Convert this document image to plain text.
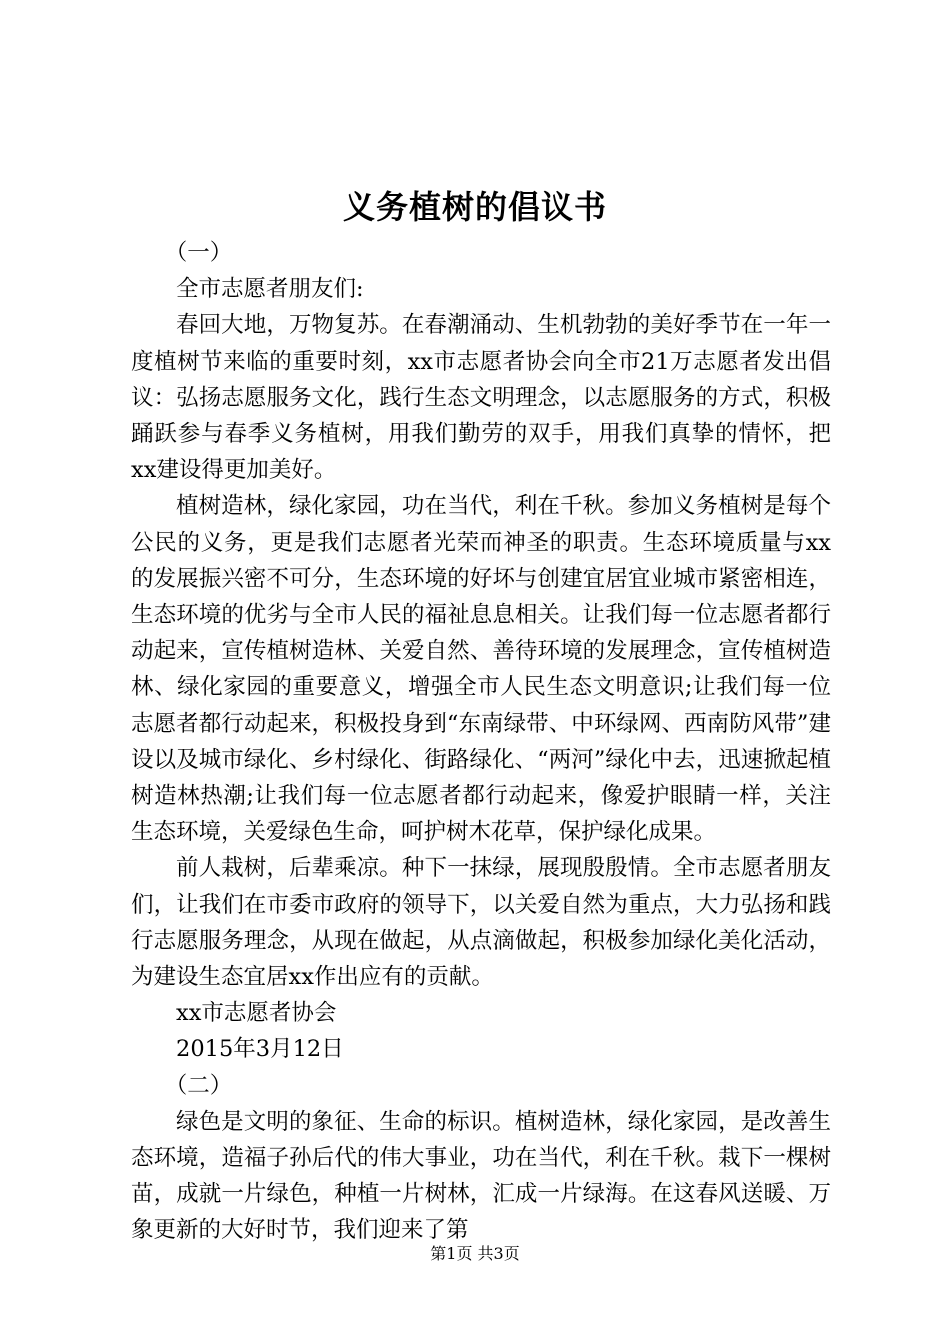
义务植树的倡议书

（一）

全市志愿者朋友们:

春回大地，万物复苏。在春潮涌动、生机勃勃的美好季节在一年一度植树节来临的重要时刻，xx市志愿者协会向全市21万志愿者发出倡议：弘扬志愿服务文化，践行生态文明理念，以志愿服务的方式，积极踊跃参与春季义务植树，用我们勤劳的双手，用我们真挚的情怀，把xx建设得更加美好。

植树造林，绿化家园，功在当代，利在千秋。参加义务植树是每个公民的义务，更是我们志愿者光荣而神圣的职责。生态环境质量与xx的发展振兴密不可分，生态环境的好坏与创建宜居宜业城市紧密相连，生态环境的优劣与全市人民的福祉息息相关。让我们每一位志愿者都行动起来，宣传植树造林、关爱自然、善待环境的发展理念，宣传植树造林、绿化家园的重要意义，增强全市人民生态文明意识;让我们每一位志愿者都行动起来，积极投身到“东南绿带、中环绿网、西南防风带”建设以及城市绿化、乡村绿化、街路绿化、“两河”绿化中去，迅速掀起植树造林热潮;让我们每一位志愿者都行动起来，像爱护眼睛一样，关注生态环境，关爱绿色生命，呵护树木花草，保护绿化成果。

前人栽树，后辈乘凉。种下一抹绿，展现殷殷情。全市志愿者朋友们，让我们在市委市政府的领导下，以关爱自然为重点，大力弘扬和践行志愿服务理念，从现在做起，从点滴做起，积极参加绿化美化活动，为建设生态宜居xx作出应有的贡献。

xx市志愿者协会

2015年3月12日

（二）

绿色是文明的象征、生命的标识。植树造林，绿化家园，是改善生态环境，造福子孙后代的伟大事业，功在当代，利在千秋。栽下一棵树苗，成就一片绿色，种植一片树林，汇成一片绿海。在这春风送暖、万象更新的大好时节，我们迎来了第

第1页 共3页
